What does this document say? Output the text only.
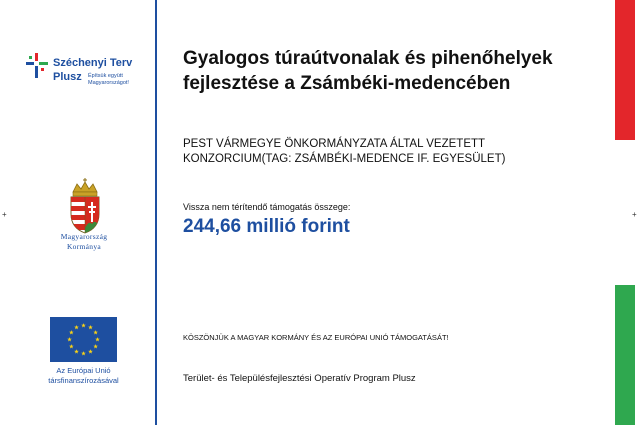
+	+
Széchenyi Terv
Plusz Építsük együtt
Magyarországot!
Magyarország
Kormánya
Az Európai Unió
társfinanszírozásával
Gyalogos túraútvonalak és pihenőhelyek
fejlesztése a Zsámbéki-medencében
PEST VÁRMEGYE ÖNKORMÁNYZATA ÁLTAL VEZETETT
KONZORCIUM(TAG: ZSÁMBÉKI-MEDENCE IF. EGYESÜLET)
Vissza nem térítendő támogatás összege:
244,66 millió forint
KÖSZÖNJÜK A MAGYAR KORMÁNY ÉS AZ EURÓPAI UNIÓ TÁMOGATÁSÁT!
Terület- és Településfejlesztési Operatív Program Plusz
